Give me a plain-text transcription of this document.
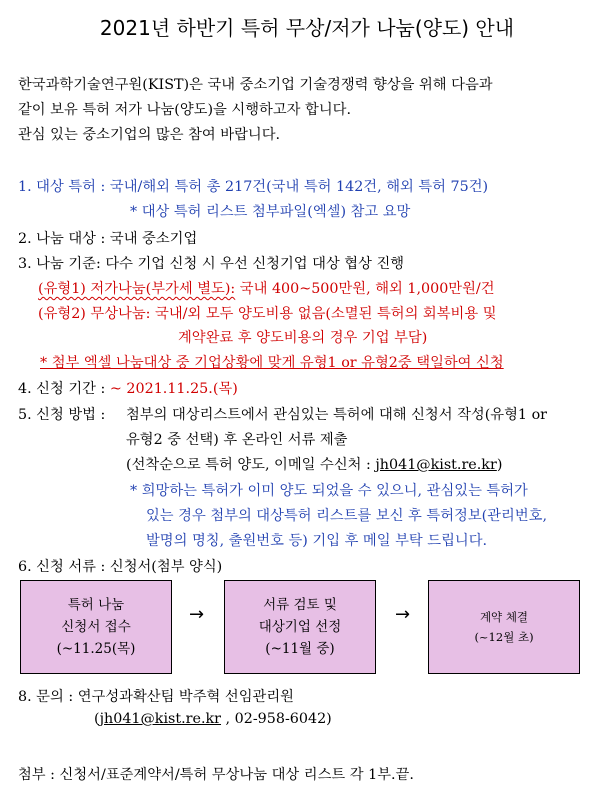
2021년 하반기 특허 무상/저가 나눔(양도) 안내
한국과학기술연구원(KIST)은 국내 중소기업 기술경쟁력 향상을 위해 다음과
같이 보유 특허 저가 나눔(양도)을 시행하고자 합니다.
관심 있는 중소기업의 많은 참여 바랍니다.
1. 대상 특허 : 국내/해외 특허 총 217건(국내 특허 142건, 해외 특허 75건)
* 대상 특허 리스트 첨부파일(엑셀) 참고 요망
2. 나눔 대상 : 국내 중소기업
3. 나눔 기준: 다수 기업 신청 시 우선 신청기업 대상 협상 진행
(유형1) 저가나눔(부가세 별도): 국내 400~500만원, 해외 1,000만원/건
(유형2) 무상나눔: 국내/외 모두 양도비용 없음(소멸된 특허의 회복비용 및
계약완료 후 양도비용의 경우 기업 부담)
* 첨부 엑셀 나눔대상 중 기업상황에 맞게 유형1 or 유형2중 택일하여 신청
4. 신청 기간 : ~ 2021.11.25.(목)
5. 신청 방법 : 첨부의 대상리스트에서 관심있는 특허에 대해 신청서 작성(유형1 or
유형2 중 선택) 후 온라인 서류 제출
(선착순으로 특허 양도, 이메일 수신처 : jh041@kist.re.kr)
* 희망하는 특허가 이미 양도 되었을 수 있으니, 관심있는 특허가
있는 경우 첨부의 대상특허 리스트를 보신 후 특허정보(관리번호,
발명의 명칭, 출원번호 등) 기입 후 메일 부탁 드립니다.
6. 신청 서류 : 신청서(첨부 양식)
특허 나눔
신청서 접수
(~11.25(목)
→	서류 검토 및
대상기업 선정
(~11월 중)
→	계약 체결
(~12월 초)
8. 문의 : 연구성과확산팀 박주혁 선임관리원
(jh041@kist.re.kr , 02-958-6042)
첨부 : 신청서/표준계약서/특허 무상나눔 대상 리스트 각 1부.끝.
